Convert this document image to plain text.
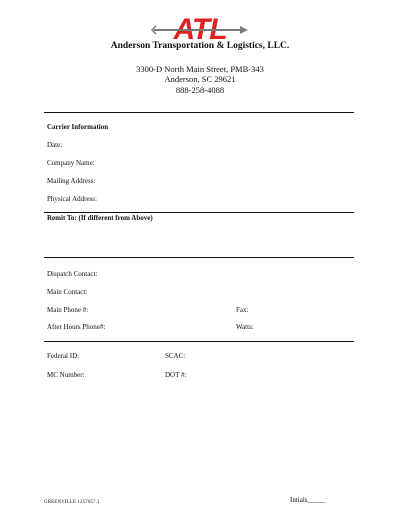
ATL
Anderson Transportation & Logistics, LLC.
3300-D North Main Street, PMB-343
Anderson, SC 29621
888-258-4088
Carrier Information
Date:
Company Name:
Mailing Address:
Physical Address:
Remit To: (If different from Above)
Dispatch Contact:
Main Contact:
Main Phone #:	Fax:
After Hours Phone#:	Watts:
Federal ID:	SCAC:
MC Number:	DOT #:
GREENVILLE 1257057.1	Intials_____
